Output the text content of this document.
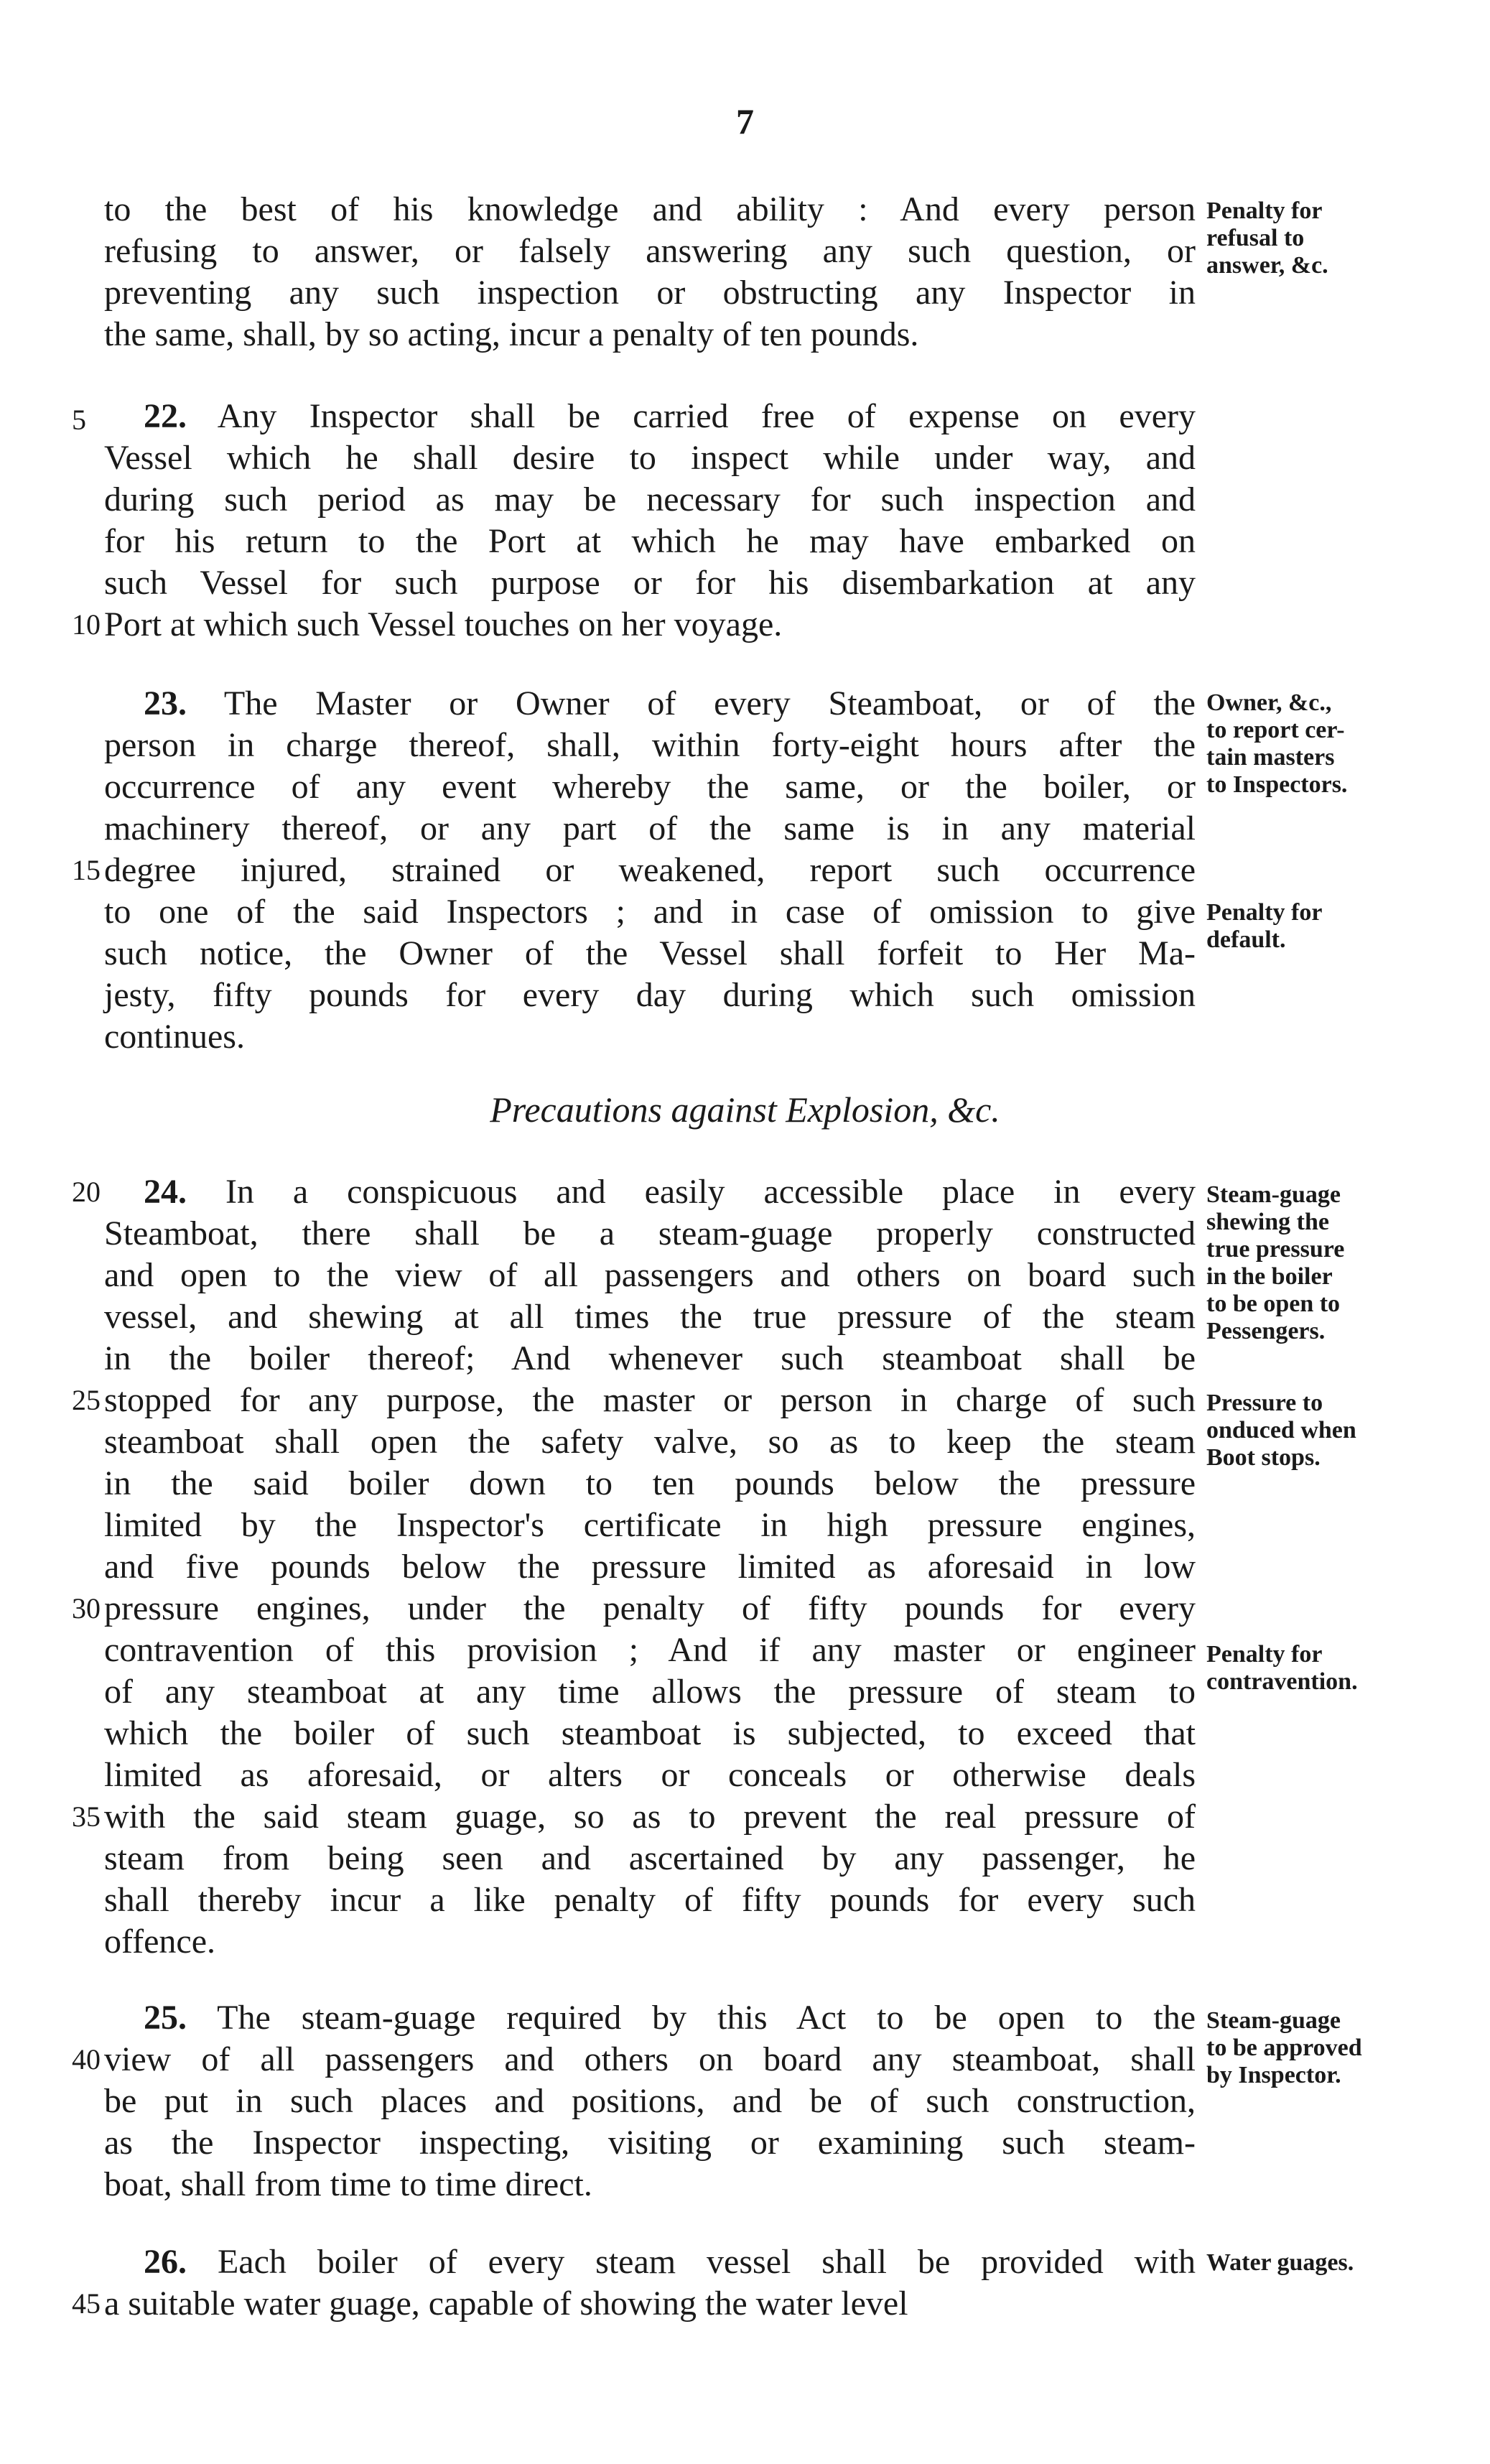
7
to the best of his knowledge and ability : And every person
refusing to answer, or falsely answering any such question, or
preventing any such inspection or obstructing any Inspector in
the same, shall, by so acting, incur a penalty of ten pounds.
Penalty for
refusal to
answer, &c.
5	22. Any Inspector shall be carried free of expense on every
Vessel which he shall desire to inspect while under way, and
during such period as may be necessary for such inspection and
for his return to the Port at which he may have embarked on
such Vessel for such purpose or for his disembarkation at any
10 Port at which such Vessel touches on her voyage.
23. The Master or Owner of every Steamboat, or of the
person in charge thereof, shall, within forty-eight hours after the
occurrence of any event whereby the same, or the boiler, or
machinery thereof, or any part of the same is in any material
15 degree injured, strained or weakened, report such occurrence
to one of the said Inspectors ; and in case of omission to give
such notice, the Owner of the Vessel shall forfeit to Her Ma-
jesty, fifty pounds for every day during which such omission
continues.
Owner, &c.,
to report cer-
tain masters
to Inspectors.
Penalty for
default.
Precautions against Explosion, &c.
20 24. In a conspicuous and easily accessible place in every
Steamboat, there shall be a steam-guage properly constructed
and open to the view of all passengers and others on board such
vessel, and shewing at all times the true pressure of the steam
in the boiler thereof; And whenever such steamboat shall be
25 stopped for any purpose, the master or person in charge of such
steamboat shall open the safety valve, so as to keep the steam
in the said boiler down to ten pounds below the pressure
limited by the Inspector's certificate in high pressure engines,
and five pounds below the pressure limited as aforesaid in low
30 pressure engines, under the penalty of fifty pounds for every
contravention of this provision ; And if any master or engineer
of any steamboat at any time allows the pressure of steam to
which the boiler of such steamboat is subjected, to exceed that
limited as aforesaid, or alters or conceals or otherwise deals
35 with the said steam guage, so as to prevent the real pressure of
steam from being seen and ascertained by any passenger, he
shall thereby incur a like penalty of fifty pounds for every such
offence.
Steam-guage
shewing the
true pressure
in the boiler
to be open to
Pessengers.
Pressure to
onduced when
Boot stops.
Penalty for
contravention.
25. The steam-guage required by this Act to be open to the
40 view of all passengers and others on board any steamboat, shall
be put in such places and positions, and be of such construction,
as the Inspector inspecting, visiting or examining such steam-
boat, shall from time to time direct.
Steam-guage
to be approved
by Inspector.
26. Each boiler of every steam vessel shall be provided with
45 a suitable water guage, capable of showing the water level
Water guages.
